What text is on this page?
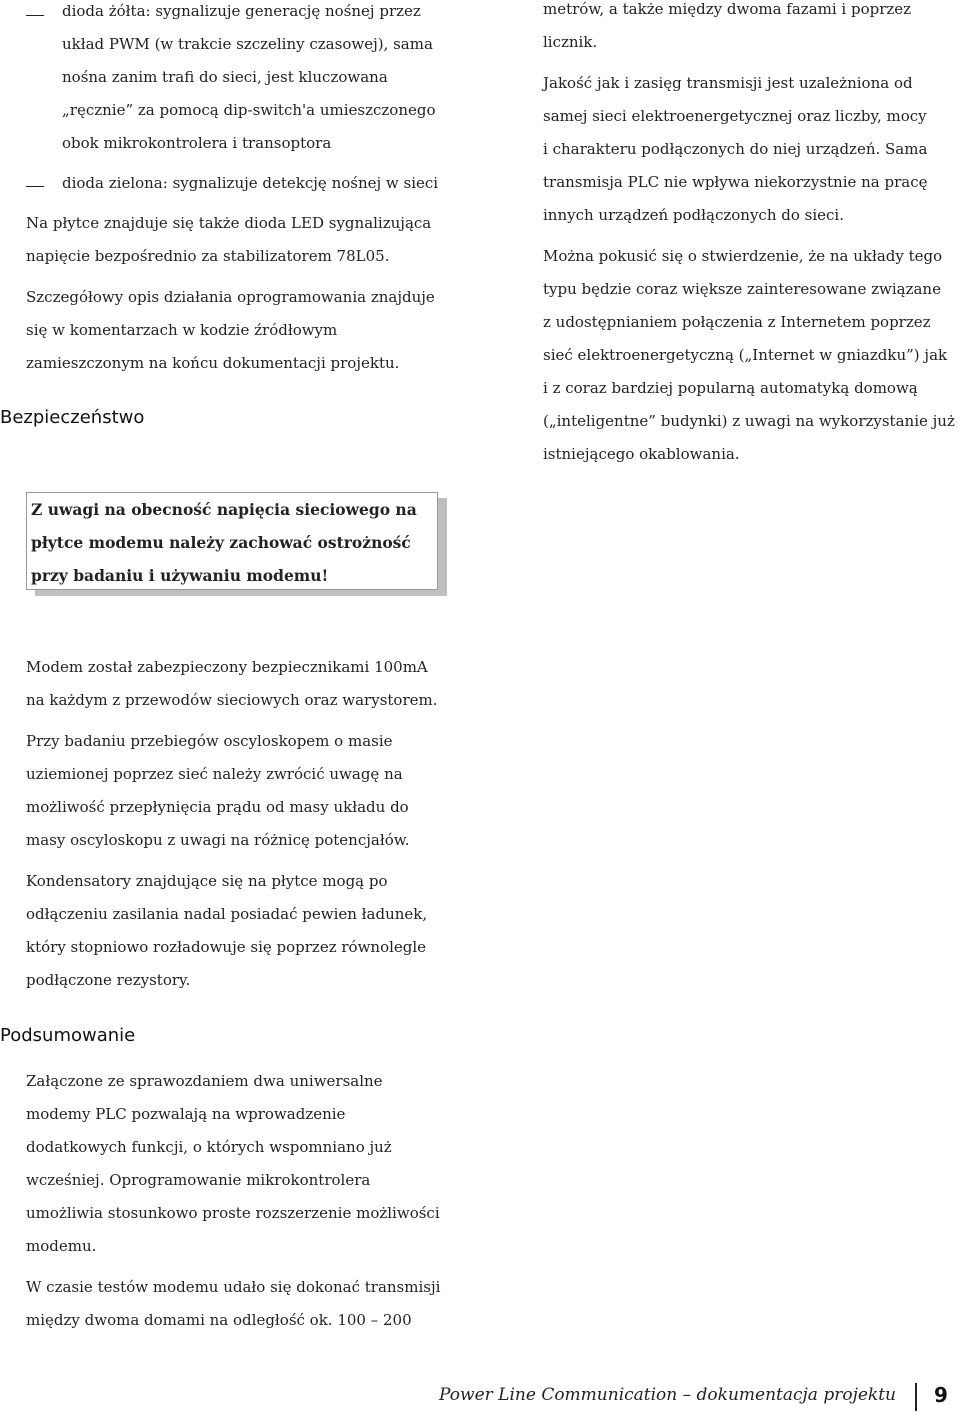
dioda żółta: sygnalizuje generację nośnej przez
układ PWM (w trakcie szczeliny czasowej), sama
nośna zanim trafi do sieci, jest kluczowana
„ręcznie” za pomocą dip-switch'a umieszczonego
obok mikrokontrolera i transoptora
dioda zielona: sygnalizuje detekcję nośnej w sieci
Na płytce znajduje się także dioda LED sygnalizująca
napięcie bezpośrednio za stabilizatorem 78L05.
Szczegółowy opis działania oprogramowania znajduje
się w komentarzach w kodzie źródłowym
zamieszczonym na końcu dokumentacji projektu.
Bezpieczeństwo
metrów, a także między dwoma fazami i poprzez
licznik.
Jakość jak i zasięg transmisji jest uzależniona od
samej sieci elektroenergetycznej oraz liczby, mocy
i charakteru podłączonych do niej urządzeń. Sama
transmisja PLC nie wpływa niekorzystnie na pracę
innych urządzeń podłączonych do sieci.
Można pokusić się o stwierdzenie, że na układy tego
typu będzie coraz większe zainteresowane związane
z udostępnianiem połączenia z Internetem poprzez
sieć elektroenergetyczną („Internet w gniazdku”) jak
i z coraz bardziej popularną automatyką domową
(„inteligentne” budynki) z uwagi na wykorzystanie już
istniejącego okablowania.

Z uwagi na obecność napięcia sieciowego na

płytce modemu należy zachować ostrożność

przy badaniu i używaniu modemu!

Modem został zabezpieczony bezpiecznikami 100mA
na każdym z przewodów sieciowych oraz warystorem.
Przy badaniu przebiegów oscyloskopem o masie
uziemionej poprzez sieć należy zwrócić uwagę na
możliwość przepłynięcia prądu od masy układu do
masy oscyloskopu z uwagi na różnicę potencjałów.
Kondensatory znajdujące się na płytce mogą po
odłączeniu zasilania nadal posiadać pewien ładunek,
który stopniowo rozładowuje się poprzez równolegle
podłączone rezystory.
Podsumowanie
Załączone ze sprawozdaniem dwa uniwersalne
modemy PLC pozwalają na wprowadzenie
dodatkowych funkcji, o których wspomniano już
wcześniej. Oprogramowanie mikrokontrolera
umożliwia stosunkowo proste rozszerzenie możliwości
modemu.
W czasie testów modemu udało się dokonać transmisji
między dwoma domami na odległość ok. 100 – 200
Power Line Communication – dokumentacja projektu 9
